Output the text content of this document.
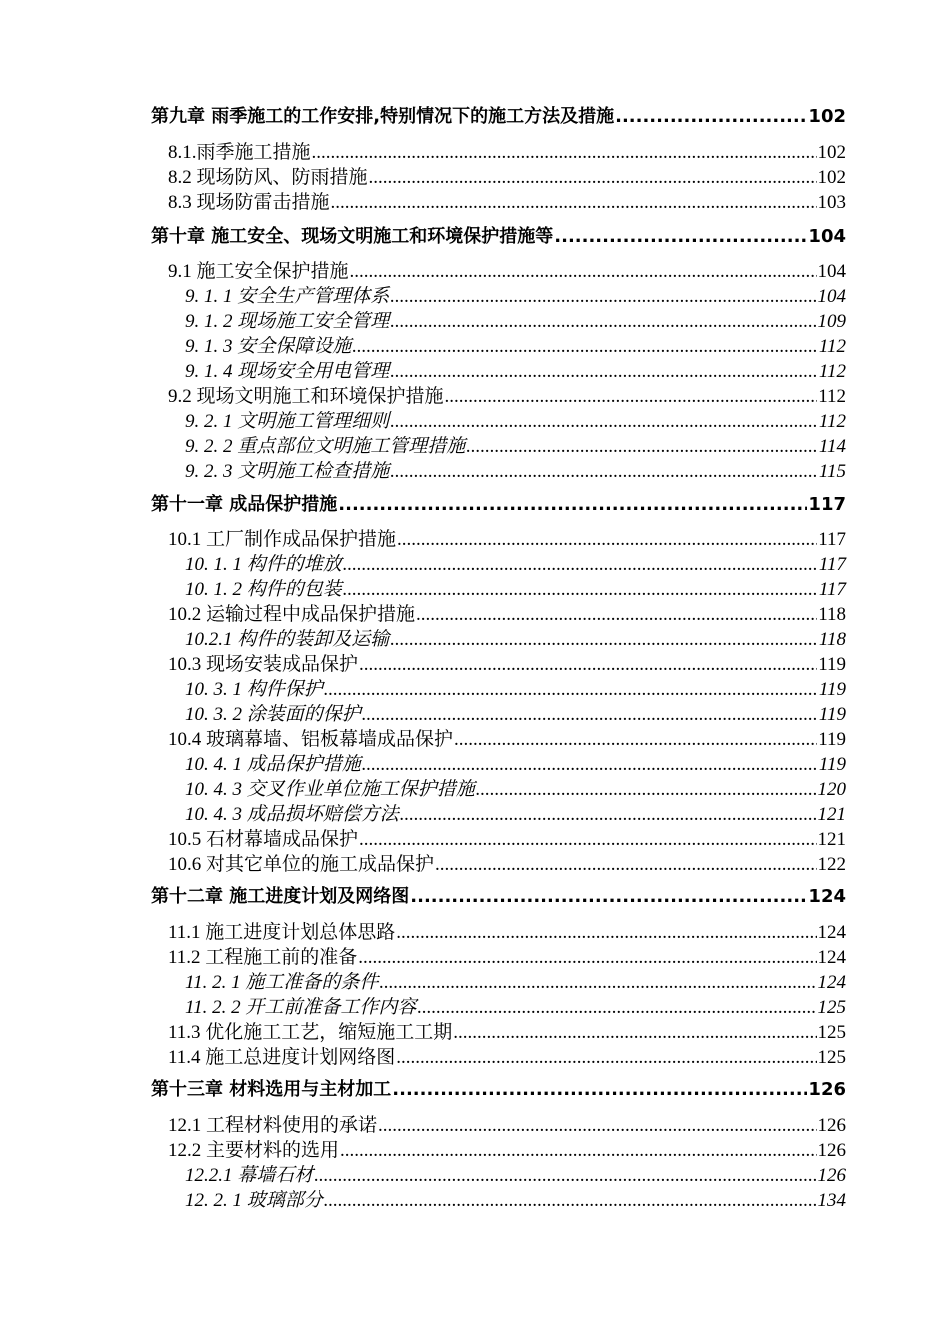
第九章 雨季施工的工作安排,特别情况下的施工方法及措施 .....	102
8.1.雨季施工措施 .....	102
8.2 现场防风、防雨措施 .....	102
8.3 现场防雷击措施 .....	103
第十章 施工安全、现场文明施工和环境保护措施等 .....	104
9.1 施工安全保护措施 .....	104
9. 1. 1 安全生产管理体系 .....	104
9. 1. 2 现场施工安全管理 .....	109
9. 1. 3 安全保障设施 .....	112
9. 1. 4 现场安全用电管理 .....	112
9.2 现场文明施工和环境保护措施 .....	112
9. 2. 1 文明施工管理细则 .....	112
9. 2. 2 重点部位文明施工管理措施 .....	114
9. 2. 3 文明施工检查措施 .....	115
第十一章 成品保护措施 .....	117
10.1 工厂制作成品保护措施 .....	117
10. 1. 1 构件的堆放 .....	117
10. 1. 2 构件的包装 .....	117
10.2 运输过程中成品保护措施 .....	118
10.2.1 构件的装卸及运输 .....	118
10.3 现场安装成品保护 .....	119
10. 3. 1 构件保护 .....	119
10. 3. 2 涂装面的保护 .....	119
10.4 玻璃幕墙、铝板幕墙成品保护 .....	119
10. 4. 1 成品保护措施 .....	119
10. 4. 3 交叉作业单位施工保护措施 .....	120
10. 4. 3 成品损坏赔偿方法 .....	121
10.5 石材幕墙成品保护 .....	121
10.6 对其它单位的施工成品保护 .....	122
第十二章 施工进度计划及网络图 .....	124
11.1 施工进度计划总体思路 .....	124
11.2 工程施工前的准备 .....	124
11. 2. 1 施工准备的条件 .....	124
11. 2. 2 开工前准备工作内容 .....	125
11.3 优化施工工艺，缩短施工工期 .....	125
11.4 施工总进度计划网络图 .....	125
第十三章 材料选用与主材加工 .....	126
12.1 工程材料使用的承诺 .....	126
12.2 主要材料的选用 .....	126
12.2.1 幕墙石材 .....	126
12. 2. 1 玻璃部分 .....	134
